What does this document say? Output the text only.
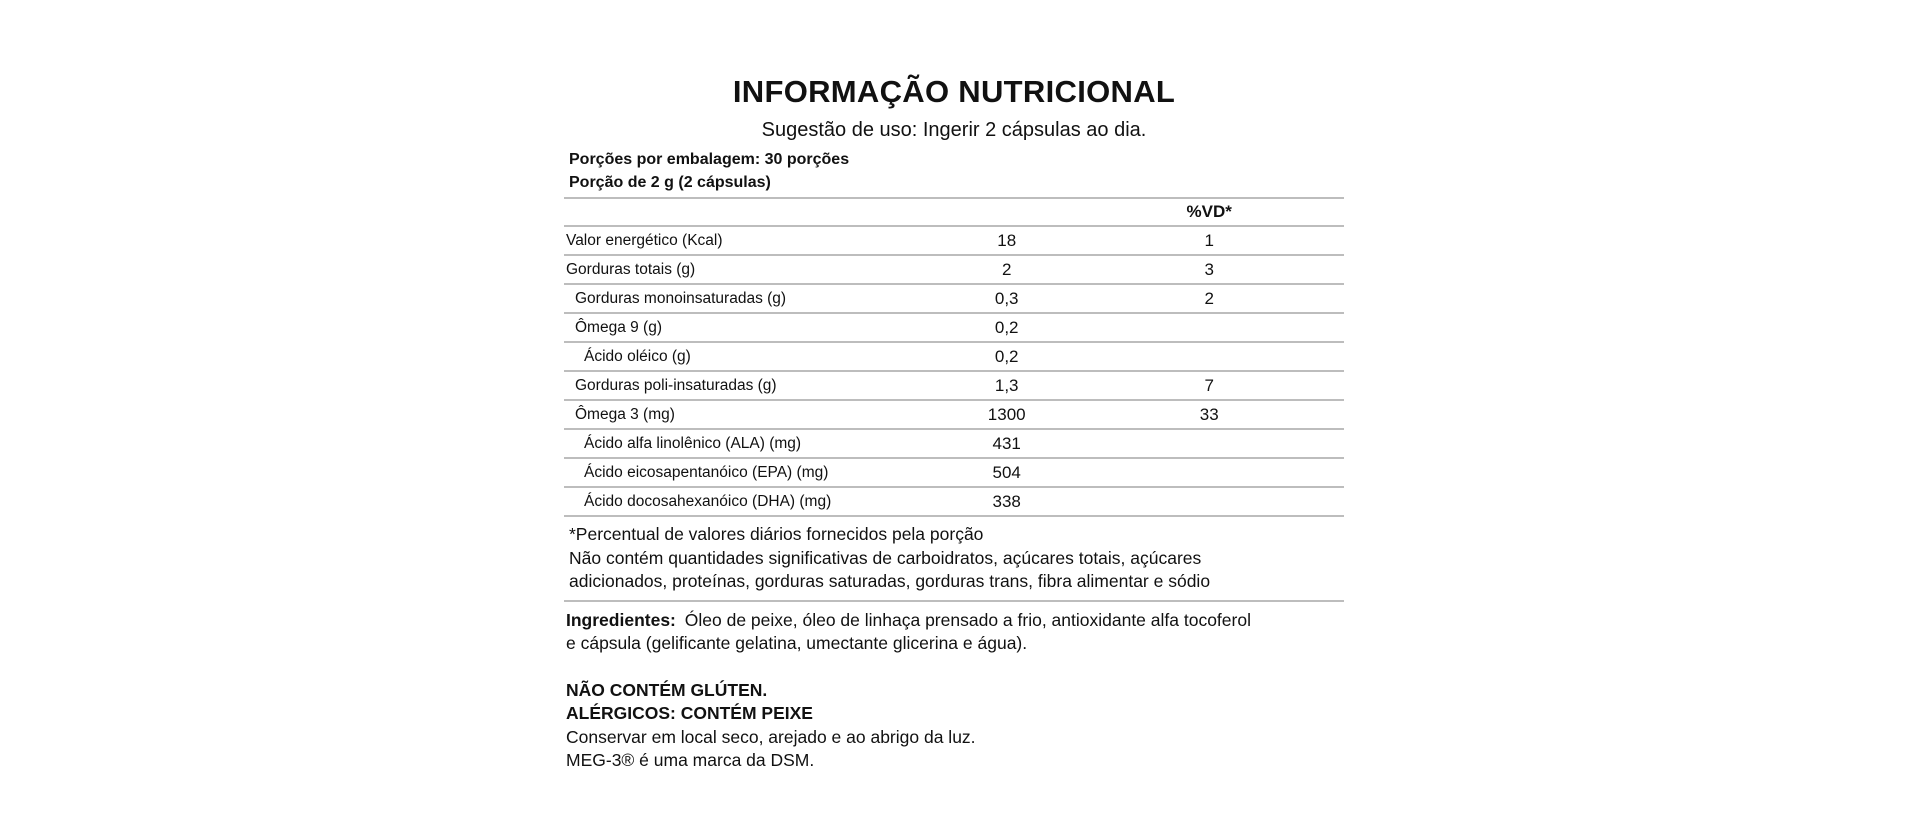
INFORMAÇÃO NUTRICIONAL
Sugestão de uso: Ingerir 2 cápsulas ao dia.
Porções por embalagem: 30 porções
Porção de 2 g (2 cápsulas)
		%VD*
Valor energético (Kcal)	18	1
Gorduras totais (g)	2	3
Gorduras monoinsaturadas (g)	0,3	2
Ômega 9 (g)	0,2	
Ácido oléico (g)	0,2	
Gorduras poli-insaturadas (g)	1,3	7
Ômega 3 (mg)	1300	33
Ácido alfa linolênico (ALA) (mg)	431	
Ácido eicosapentanóico (EPA) (mg)	504	
Ácido docosahexanóico (DHA) (mg)	338	
*Percentual de valores diários fornecidos pela porção
Não contém quantidades significativas de carboidratos, açúcares totais, açúcares
adicionados, proteínas, gorduras saturadas, gorduras trans, fibra alimentar e sódio
Ingredientes: Óleo de peixe, óleo de linhaça prensado a frio, antioxidante alfa tocoferol
e cápsula (gelificante gelatina, umectante glicerina e água).
NÃO CONTÉM GLÚTEN.
ALÉRGICOS: CONTÉM PEIXE
Conservar em local seco, arejado e ao abrigo da luz.
MEG-3® é uma marca da DSM.
